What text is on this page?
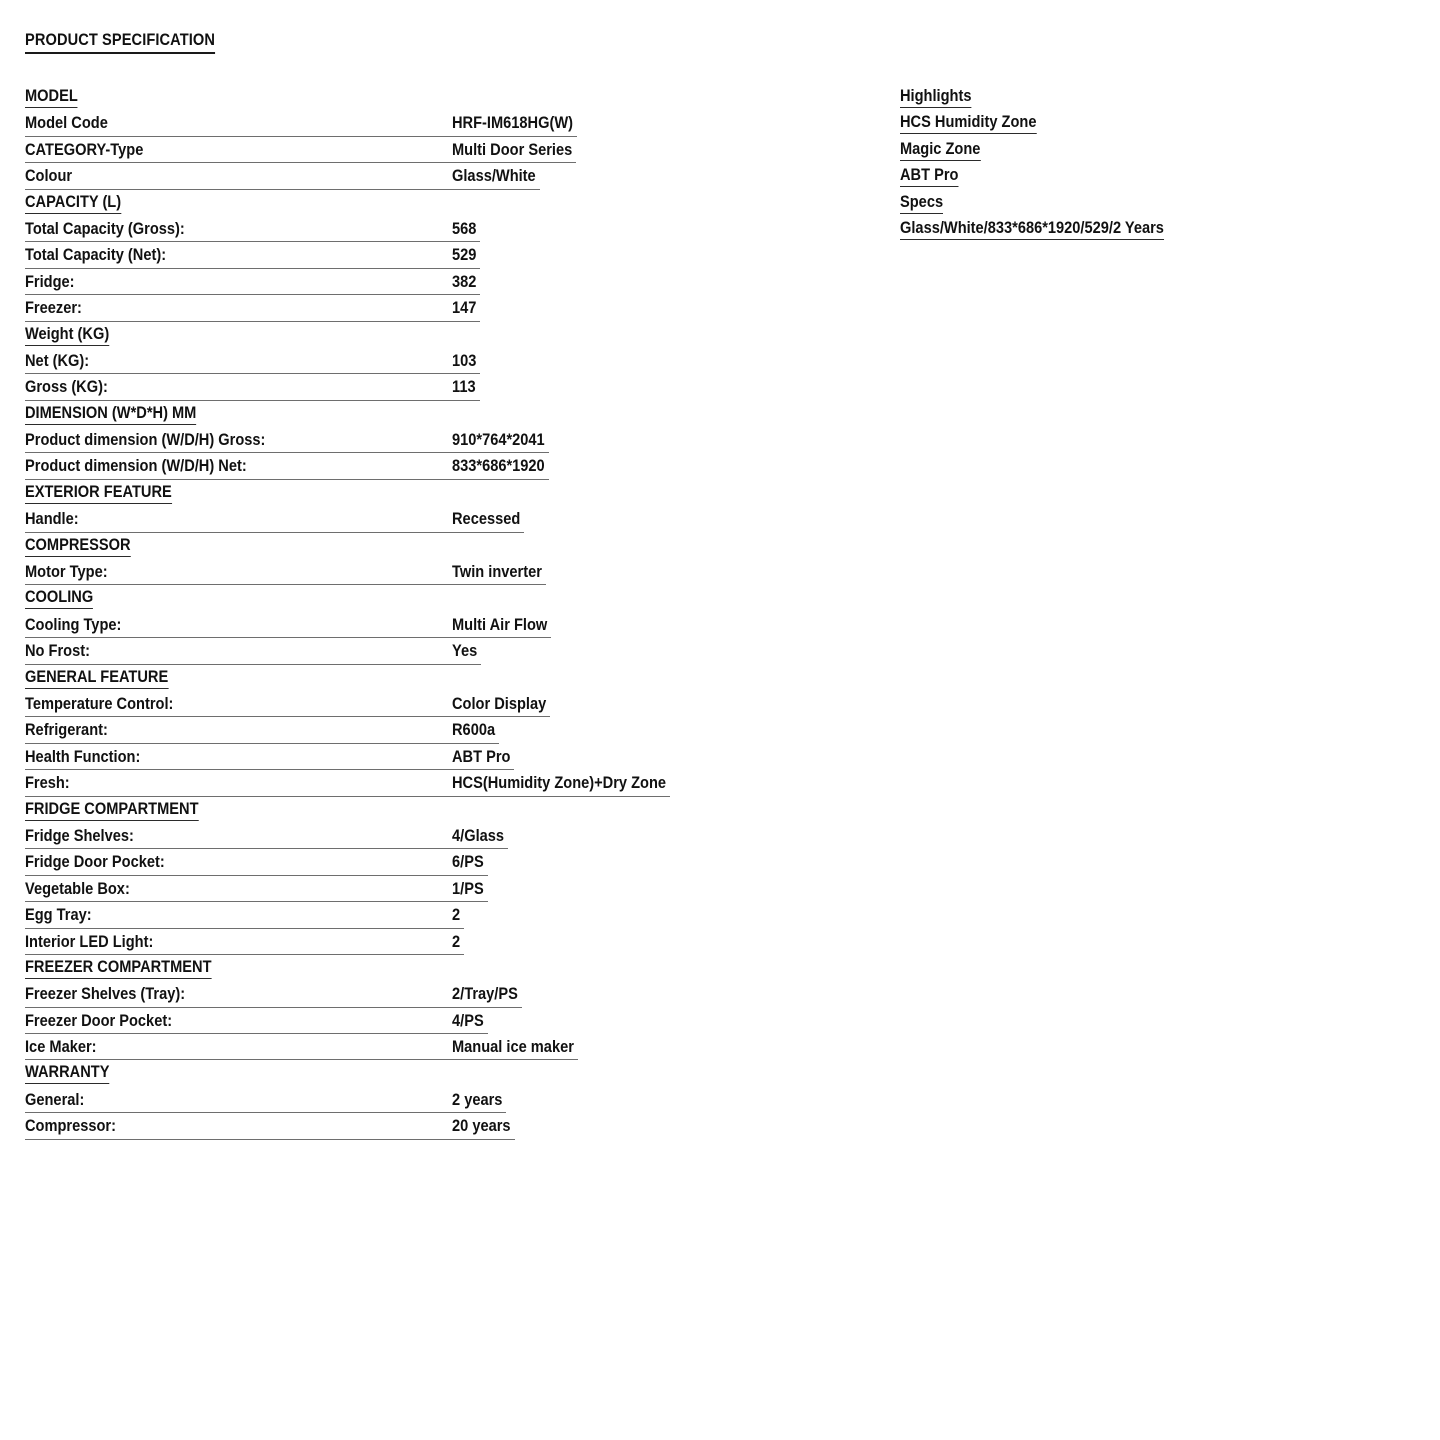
PRODUCT SPECIFICATION
MODEL
Model Code	HRF-IM618HG(W)
CATEGORY-Type	Multi Door Series
Colour	Glass/White
CAPACITY (L)
Total Capacity (Gross):	568
Total Capacity (Net):	529
Fridge:	382
Freezer:	147
Weight (KG)
Net (KG):	103
Gross (KG):	113
DIMENSION (W*D*H) MM
Product dimension (W/D/H) Gross:	910*764*2041
Product dimension (W/D/H) Net:	833*686*1920
EXTERIOR FEATURE
Handle:	Recessed
COMPRESSOR
Motor Type:	Twin inverter
COOLING
Cooling Type:	Multi Air Flow
No Frost:	Yes
GENERAL FEATURE
Temperature Control:	Color Display
Refrigerant:	R600a
Health Function:	ABT Pro
Fresh:	HCS(Humidity Zone)+Dry Zone
FRIDGE COMPARTMENT
Fridge Shelves:	4/Glass
Fridge Door Pocket:	6/PS
Vegetable Box:	1/PS
Egg Tray:	2
Interior LED Light:	2
FREEZER COMPARTMENT
Freezer Shelves (Tray):	2/Tray/PS
Freezer Door Pocket:	4/PS
Ice Maker:	Manual ice maker
WARRANTY
General:	2 years
Compressor:	20 years
Highlights
HCS Humidity Zone
Magic Zone
ABT Pro
Specs
Glass/White/833*686*1920/529/2 Years
